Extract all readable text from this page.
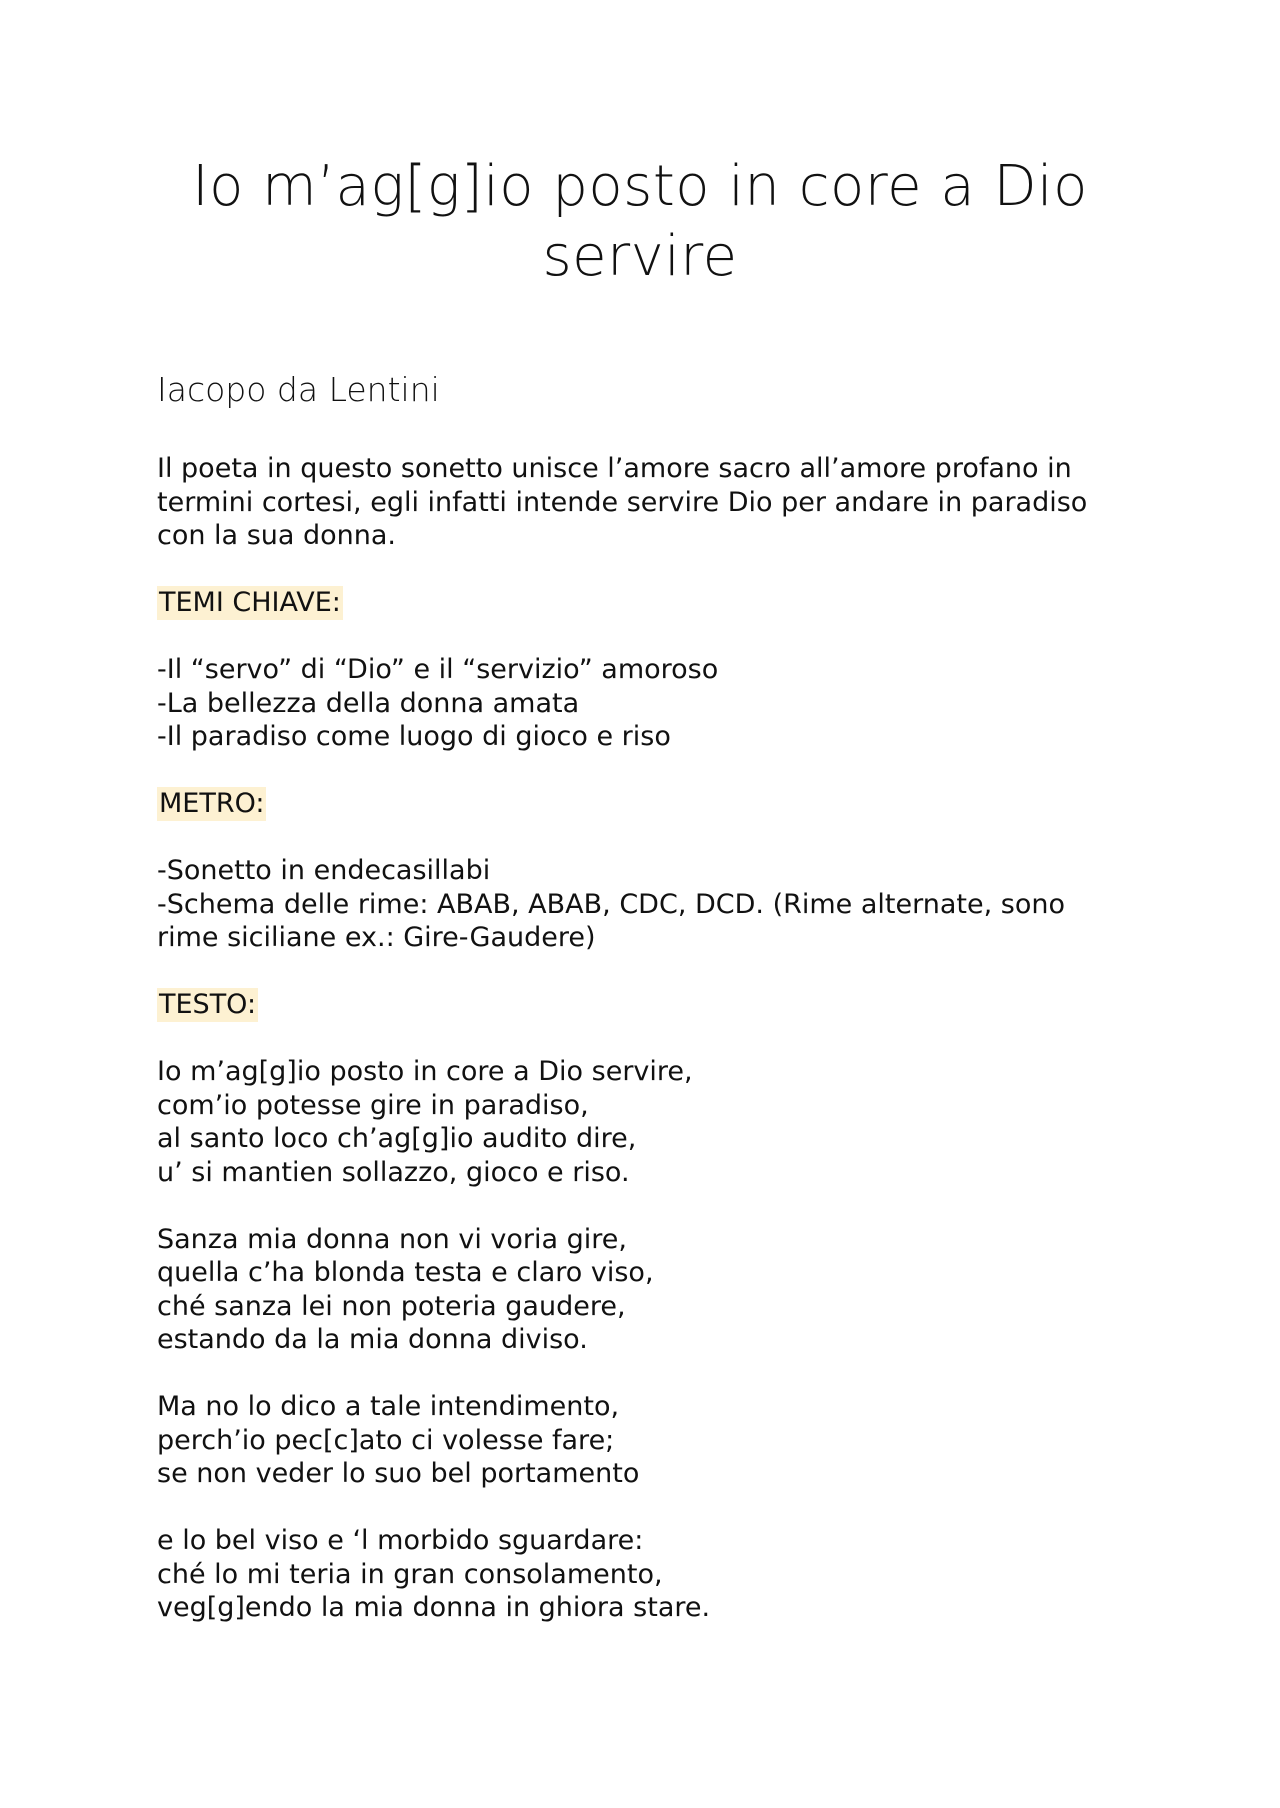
Io m’ag[g]io posto in core a Dio servire
Iacopo da Lentini

Il poeta in questo sonetto unisce l’amore sacro all’amore profano in termini cortesi, egli infatti intende servire Dio per andare in paradiso con la sua donna.

TEMI CHIAVE:
-Il “servo” di “Dio” e il “servizio” amoroso
-La bellezza della donna amata
-Il paradiso come luogo di gioco e riso
METRO:
-Sonetto in endecasillabi

-Schema delle rime: ABAB, ABAB, CDC, DCD. (Rime alternate, sono rime siciliane ex.: Gire-Gaudere)

TESTO:
Io m’ag[g]io posto in core a Dio servire,
com’io potesse gire in paradiso,
al santo loco ch’ag[g]io audito dire,
u’ si mantien sollazzo, gioco e riso.
Sanza mia donna non vi voria gire,
quella c’ha blonda testa e claro viso,
ché sanza lei non poteria gaudere,
estando da la mia donna diviso.
Ma no lo dico a tale intendimento,
perch’io pec[c]ato ci volesse fare;
se non veder lo suo bel portamento
e lo bel viso e ‘l morbido sguardare:
ché lo mi teria in gran consolamento,
veg[g]endo la mia donna in ghiora stare.
